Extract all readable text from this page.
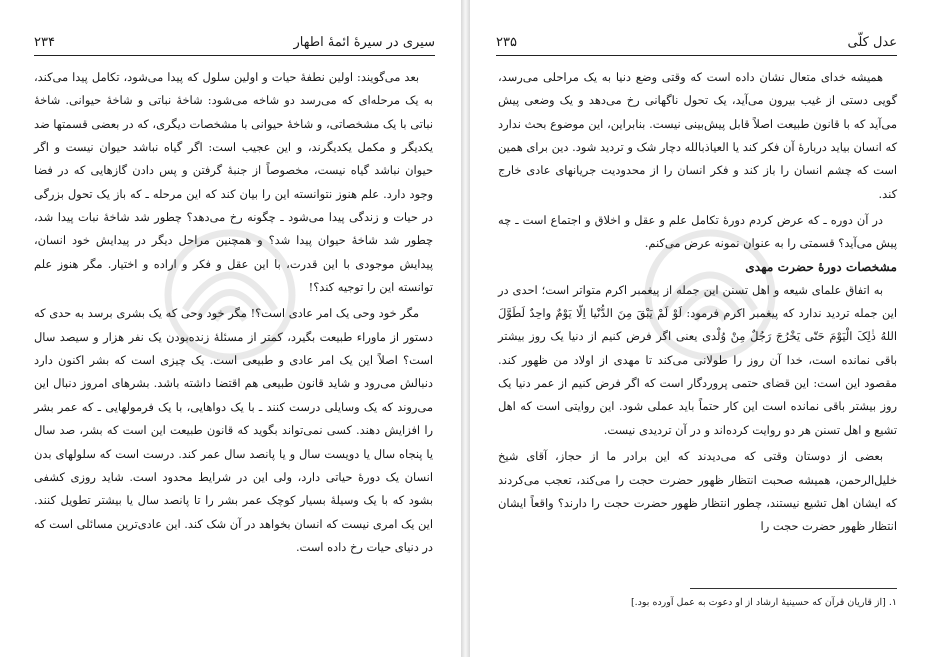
سیری در سیرهٔ ائمهٔ اطهار
۲۳۴

بعد می‌گویند: اولین نطفهٔ حیات و اولین سلول که پیدا می‌شود، تکامل پیدا می‌کند، به یک مرحله‌ای که می‌رسد دو شاخه می‌شود: شاخهٔ نباتی و شاخهٔ حیوانی. شاخهٔ نباتی با یک مشخصاتی، و شاخهٔ حیوانی با مشخصات دیگری، که در بعضی قسمتها ضد یکدیگر و مکمل یکدیگرند، و این عجیب است: اگر گیاه نباشد حیوان نیست و اگر حیوان نباشد گیاه نیست، مخصوصاً از جنبهٔ گرفتن و پس دادن گازهایی که در فضا وجود دارد. علم هنوز نتوانسته این را بیان کند که این مرحله ـ که باز یک تحول بزرگی در حیات و زندگی پیدا می‌شود ـ چگونه رخ می‌دهد؟ چطور شد شاخهٔ نبات پیدا شد، چطور شد شاخهٔ حیوان پیدا شد؟ و همچنین مراحل دیگر در پیدایش خود انسان، پیدایش موجودی با این قدرت، با این عقل و فکر و اراده و اختیار. مگر هنوز علم توانسته این را توجیه کند؟!

مگر خود وحی یک امر عادی است؟! مگر خود وحی که یک بشری برسد به حدی که دستور از ماوراء طبیعت بگیرد، کمتر از مسئلهٔ زنده‌بودن یک نفر هزار و سیصد سال است؟ اصلاً این یک امر عادی و طبیعی است. یک چیزی است که بشر اکنون دارد دنبالش می‌رود و شاید قانون طبیعی هم اقتضا داشته باشد. بشرهای امروز دنبال این می‌روند که یک وسایلی درست کنند ـ با یک دواهایی، با یک فرمولهایی ـ که عمر بشر را افزایش دهند. کسی نمی‌تواند بگوید که قانون طبیعت این است که بشر، صد سال یا پنجاه سال یا دویست سال و یا پانصد سال عمر کند. درست است که سلولهای بدن انسان یک دورهٔ حیاتی دارد، ولی این در شرایط محدود است. شاید روزی کشفی بشود که با یک وسیلهٔ بسیار کوچک عمر بشر را تا پانصد سال یا بیشتر تطویل کنند. این یک امری نیست که انسان بخواهد در آن شک کند. این عادی‌ترین مسائلی است که در دنیای حیات رخ داده است.

عدل کلّی
۲۳۵

همیشه خدای متعال نشان داده است که وقتی وضع دنیا به یک مراحلی می‌رسد، گویی دستی از غیب بیرون می‌آید، یک تحول ناگهانی رخ می‌دهد و یک وضعی پیش می‌آید که با قانون طبیعت اصلاً قابل پیش‌بینی نیست. بنابراین، این موضوع بحث ندارد که انسان بیاید دربارهٔ آن فکر کند یا العیاذبالله دچار شک و تردید شود. دین برای همین است که چشم انسان را باز کند و فکر انسان را از محدودیت جریانهای عادی خارج کند.

در آن دوره ـ که عرض کردم دورهٔ تکامل علم و عقل و اخلاق و اجتماع است ـ چه پیش می‌آید؟ قسمتی را به عنوان نمونه عرض می‌کنم.

مشخصات دورهٔ حضرت مهدی

به اتفاق علمای شیعه و اهل تسنن این جمله از پیغمبر اکرم متواتر است؛ احدی در این جمله تردید ندارد که پیغمبر اکرم فرمود: لَوْ لَمْ یَبْقَ مِنَ الدُّنْیا اِلّا یَوْمٌ واحِدٌ لَطَوَّلَ اللهُ ذٰلِکَ الْیَوْمَ حَتّی یَخْرُجَ رَجُلٌ مِنْ وُلْدی یعنی اگر فرض کنیم از دنیا یک روز بیشتر باقی نمانده است، خدا آن روز را طولانی می‌کند تا مهدی از اولاد من ظهور کند. مقصود این است: این قضای حتمی پروردگار است که اگر فرض کنیم از عمر دنیا یک روز بیشتر باقی نمانده است این کار حتماً باید عملی شود. این روایتی است که اهل تشیع و اهل تسنن هر دو روایت کرده‌اند و در آن تردیدی نیست.

بعضی از دوستان وقتی که می‌دیدند که این برادر ما از حجاز، آقای شیخ خلیل‌الرحمن، همیشه صحبت انتظار ظهور حضرت حجت را می‌کند، تعجب می‌کردند که ایشان اهل تشیع نیستند، چطور انتظار ظهور حضرت حجت را دارند؟ واقعاً ایشان انتظار ظهور حضرت حجت را

۱. [از قاریان قرآن که حسینیهٔ ارشاد از او دعوت به عمل آورده بود.]
